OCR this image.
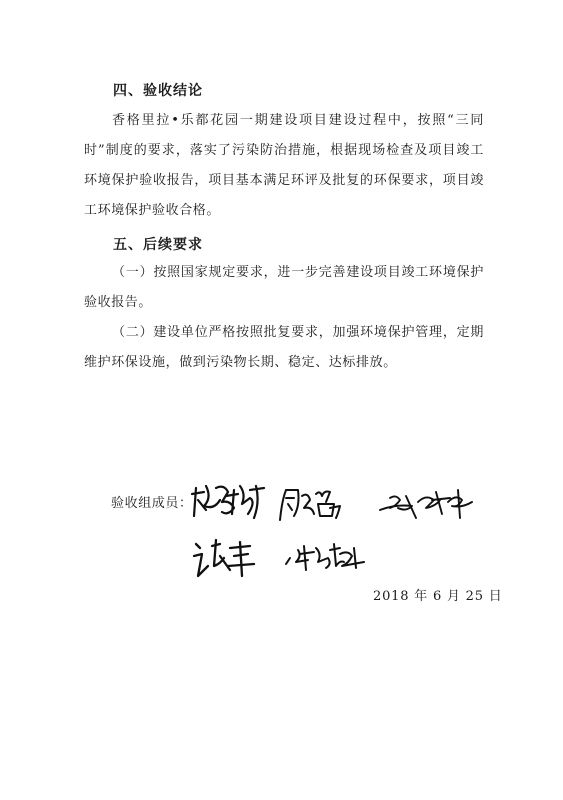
四、验收结论
香格里拉•乐都花园一期建设项目建设过程中，按照“三同时”制度的要求，落实了污染防治措施，根据现场检查及项目竣工环境保护验收报告，项目基本满足环评及批复的环保要求，项目竣工环境保护验收合格。
五、后续要求
（一）按照国家规定要求，进一步完善建设项目竣工环境保护验收报告。
（二）建设单位严格按照批复要求，加强环境保护管理，定期维护环保设施，做到污染物长期、稳定、达标排放。
验收组成员：
2018 年 6 月 25 日
